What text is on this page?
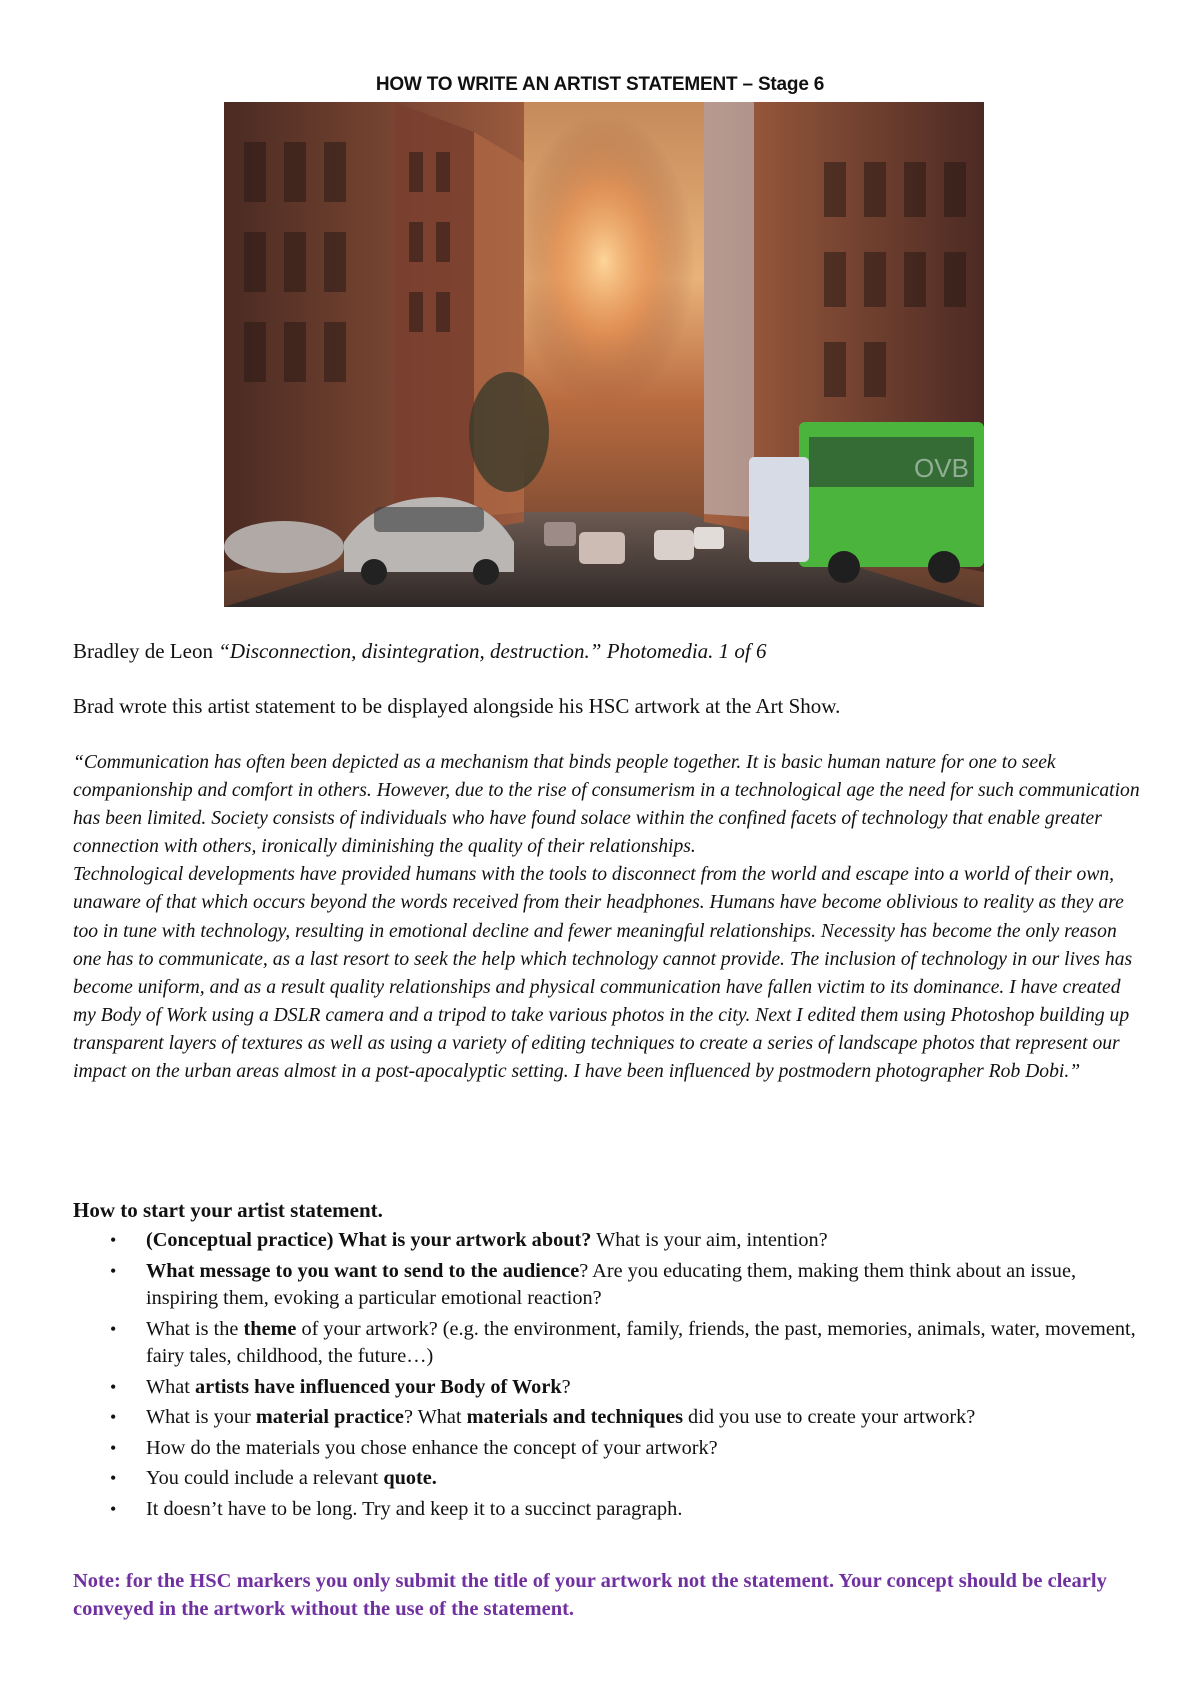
HOW TO WRITE AN ARTIST STATEMENT – Stage 6
OVB
Bradley de Leon “Disconnection, disintegration, destruction.” Photomedia. 1 of 6
Brad wrote this artist statement to be displayed alongside his HSC artwork at the Art Show.

“Communication has often been depicted as a mechanism that binds people together. It is basic human nature for one to seek companionship and comfort in others. However, due to the rise of consumerism in a technological age the need for such communication has been limited. Society consists of individuals who have found solace within the confined facets of technology that enable greater connection with others, ironically diminishing the quality of their relationships.

Technological developments have provided humans with the tools to disconnect from the world and escape into a world of their own, unaware of that which occurs beyond the words received from their headphones. Humans have become oblivious to reality as they are too in tune with technology, resulting in emotional decline and fewer meaningful relationships. Necessity has become the only reason one has to communicate, as a last resort to seek the help which technology cannot provide. The inclusion of technology in our lives has become uniform, and as a result quality relationships and physical communication have fallen victim to its dominance. I have created my Body of Work using a DSLR camera and a tripod to take various photos in the city. Next I edited them using Photoshop building up transparent layers of textures as well as using a variety of editing techniques to create a series of landscape photos that represent our impact on the urban areas almost in a post-apocalyptic setting. I have been influenced by postmodern photographer Rob Dobi.”

How to start your artist statement.
• (Conceptual practice) What is your artwork about? What is your aim, intention?
• What message to you want to send to the audience? Are you educating them, making them think about an issue, inspiring them, evoking a particular emotional reaction?
• What is the theme of your artwork? (e.g. the environment, family, friends, the past, memories, animals, water, movement, fairy tales, childhood, the future…)
• What artists have influenced your Body of Work?
• What is your material practice? What materials and techniques did you use to create your artwork?
• How do the materials you chose enhance the concept of your artwork?
• You could include a relevant quote.
• It doesn’t have to be long. Try and keep it to a succinct paragraph.
Note: for the HSC markers you only submit the title of your artwork not the statement. Your concept should be clearly conveyed in the artwork without the use of the statement.
